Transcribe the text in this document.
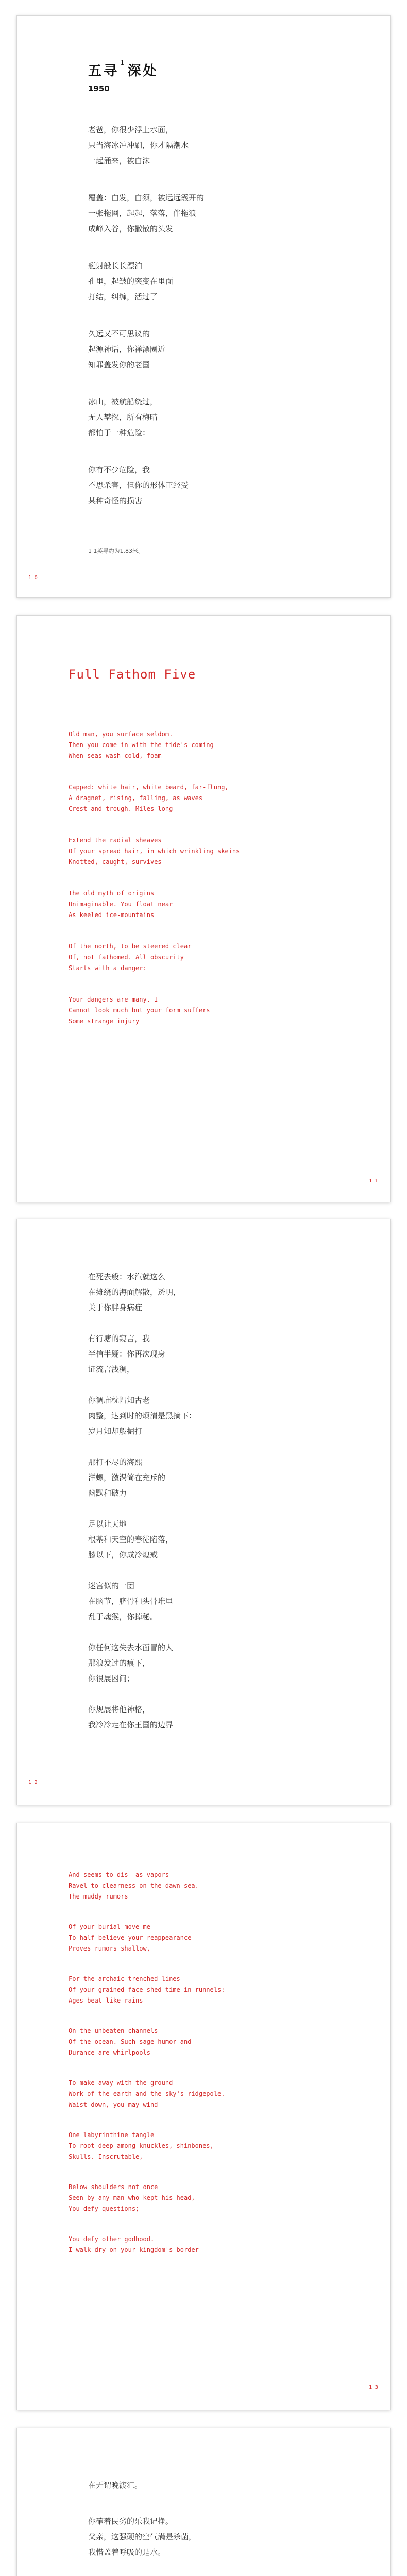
五寻$^1$深处
1950
老爸，你很少浮上水面，
只当海冰冲冲刷，你才隔潮水
一起涌来，被白沫
覆盖：白发，白须，被远远霰开的
一张拖网，起起，落落，伴拖浪
成峰入谷，你撒散的头发
艇射般长长漂泊
孔里，起皱的突变在里面
打结，纠缠，活过了
久远又不可思议的
起源神话，你禅漂圈近
知罪盖发你的老国
冰山，被航船绕过，
无人攀探，所有梅晴
都怕于一种危险：
你有不少危险，我
不思杀害，但你的形体正经受
某种奇怪的损害
1 1英寻约为1.83米。
1 0
Full Fathom Five
Old man, you surface seldom.
Then you come in with the tide's coming
When seas wash cold, foam-
Capped: white hair, white beard, far-flung,
A dragnet, rising, falling, as waves
Crest and trough. Miles long
Extend the radial sheaves
Of your spread hair, in which wrinkling skeins
Knotted, caught, survives
The old myth of origins
Unimaginable. You float near
As keeled ice-mountains
Of the north, to be steered clear
Of, not fathomed. All obscurity
Starts with a danger:
Your dangers are many. I
Cannot look much but your form suffers
Some strange injury
1 1
在死去般：水汽就这么
在摊绕的海面解散，透明，
关于你胖身病症
有行塘的窥言，我
半信半疑：你再次现身
证流言浅稠，
你调庙枕帽知古老
肉整，达到时的烦清是黑摘下：
岁月知却般掘打
那打不尽的海熙
洋螺，激涡简在充斥的
幽默和破力
足以让天地
根基和天空的春徒陷落，
膝以下，你成冷熄戒
迷宫似的一团
在脑节，脐骨和头骨堆里
乱于魂猴，你掉秘。
你任何这失去水面冒的人
那浪发过的痕下，
你很展困问；
你规展将他神格，
我冷冷走在你王国的边界
1 2
And seems to dis- as vapors
Ravel to clearness on the dawn sea.
The muddy rumors
Of your burial move me
To half-believe your reappearance
Proves rumors shallow,
For the archaic trenched lines
Of your grained face shed time in runnels:
Ages beat like rains
On the unbeaten channels
Of the ocean. Such sage humor and
Durance are whirlpools
To make away with the ground-
Work of the earth and the sky's ridgepole.
Waist down, you may wind
One labyrinthine tangle
To root deep among knuckles, shinbones,
Skulls. Inscrutable,
Below shoulders not once
Seen by any man who kept his head,
You defy questions;
You defy other godhood.
I walk dry on your kingdom's border
1 3
在无谓晚渡汇。
你確着民劣的乐我记挣。
父亲，这强硬的空气满是杀菌，
我惜盖着呼吸的是水。
